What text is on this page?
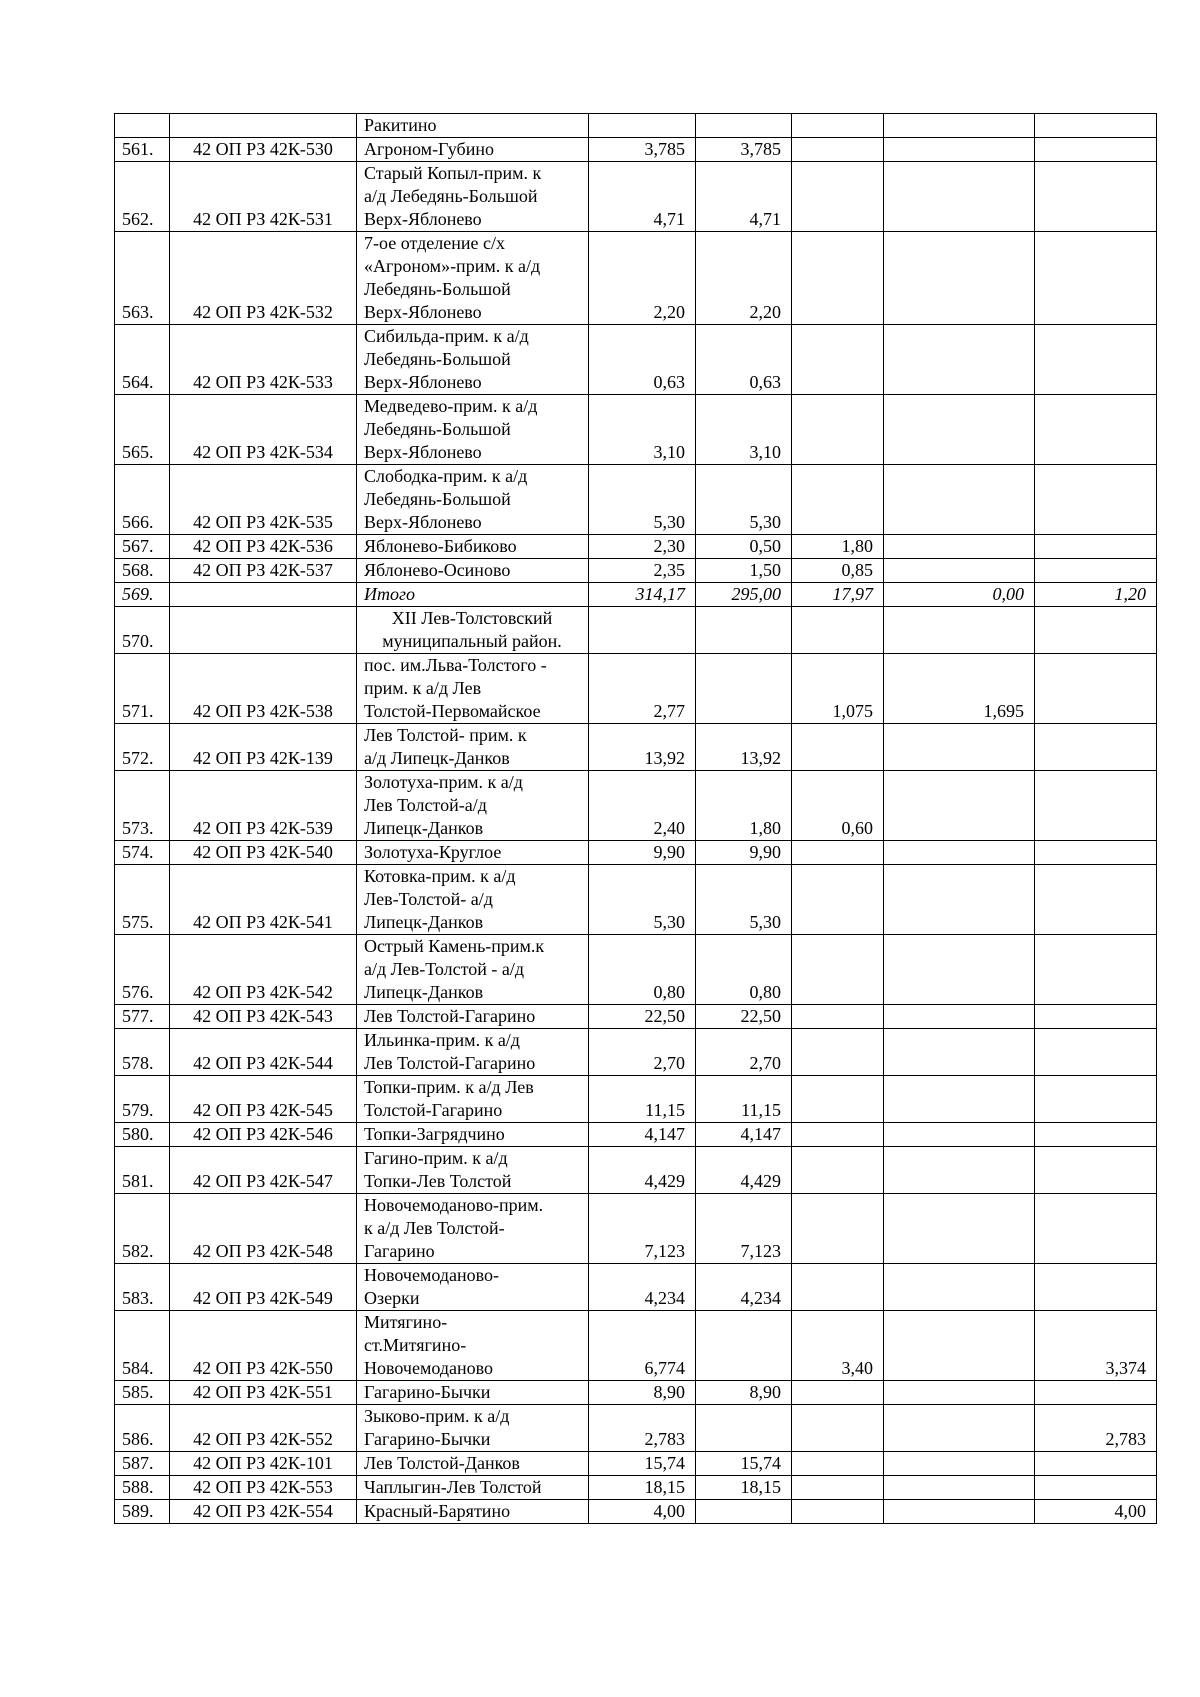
		Ракитино					
561.	42 ОП РЗ 42К-530	Агроном-Губино	3,785	3,785			
562.	42 ОП РЗ 42К-531	Старый Копыл-прим. к
а/д Лебедянь-Большой
Верх-Яблонево	4,71	4,71			
563.	42 ОП РЗ 42К-532	7-ое отделение с/х
«Агроном»-прим. к а/д
Лебедянь-Большой
Верх-Яблонево	2,20	2,20			
564.	42 ОП РЗ 42К-533	Сибильда-прим. к а/д
Лебедянь-Большой
Верх-Яблонево	0,63	0,63			
565.	42 ОП РЗ 42К-534	Медведево-прим. к а/д
Лебедянь-Большой
Верх-Яблонево	3,10	3,10			
566.	42 ОП РЗ 42К-535	Слободка-прим. к а/д
Лебедянь-Большой
Верх-Яблонево	5,30	5,30			
567.	42 ОП РЗ 42К-536	Яблонево-Бибиково	2,30	0,50	1,80		
568.	42 ОП РЗ 42К-537	Яблонево-Осиново	2,35	1,50	0,85		
569.		Итого	314,17	295,00	17,97	0,00	1,20
570.		XII Лев-Толстовский
муниципальный район.					
571.	42 ОП РЗ 42К-538	пос. им.Льва-Толстого -
прим. к а/д Лев
Толстой-Первомайское	2,77		1,075	1,695	
572.	42 ОП РЗ 42К-139	Лев Толстой- прим. к
а/д Липецк-Данков	13,92	13,92			
573.	42 ОП РЗ 42К-539	Золотуха-прим. к а/д
Лев Толстой-а/д
Липецк-Данков	2,40	1,80	0,60		
574.	42 ОП РЗ 42К-540	Золотуха-Круглое	9,90	9,90			
575.	42 ОП РЗ 42К-541	Котовка-прим. к а/д
Лев-Толстой- а/д
Липецк-Данков	5,30	5,30			
576.	42 ОП РЗ 42К-542	Острый Камень-прим.к
а/д Лев-Толстой - а/д
Липецк-Данков	0,80	0,80			
577.	42 ОП РЗ 42К-543	Лев Толстой-Гагарино	22,50	22,50			
578.	42 ОП РЗ 42К-544	Ильинка-прим. к а/д
Лев Толстой-Гагарино	2,70	2,70			
579.	42 ОП РЗ 42К-545	Топки-прим. к а/д Лев
Толстой-Гагарино	11,15	11,15			
580.	42 ОП РЗ 42К-546	Топки-Загрядчино	4,147	4,147			
581.	42 ОП РЗ 42К-547	Гагино-прим. к а/д
Топки-Лев Толстой	4,429	4,429			
582.	42 ОП РЗ 42К-548	Новочемоданово-прим.
к а/д Лев Толстой-
Гагарино	7,123	7,123			
583.	42 ОП РЗ 42К-549	Новочемоданово-
Озерки	4,234	4,234			
584.	42 ОП РЗ 42К-550	Митягино-
ст.Митягино-
Новочемоданово	6,774		3,40		3,374
585.	42 ОП РЗ 42К-551	Гагарино-Бычки	8,90	8,90			
586.	42 ОП РЗ 42К-552	Зыково-прим. к а/д
Гагарино-Бычки	2,783				2,783
587.	42 ОП РЗ 42К-101	Лев Толстой-Данков	15,74	15,74			
588.	42 ОП РЗ 42К-553	Чаплыгин-Лев Толстой	18,15	18,15			
589.	42 ОП РЗ 42К-554	Красный-Барятино	4,00				4,00
